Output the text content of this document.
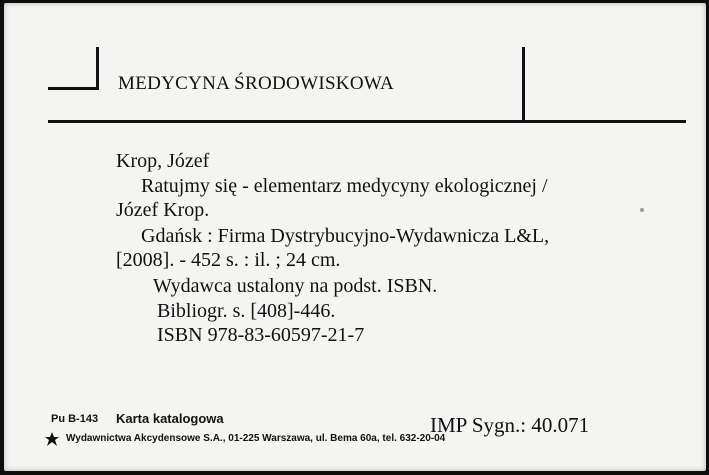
MEDYCYNA ŚRODOWISKOWA
Krop, Józef
Ratujmy się - elementarz medycyny ekologicznej /
Józef Krop.
Gdańsk : Firma Dystrybucyjno-Wydawnicza L&L,
[2008]. - 452 s. : il. ; 24 cm.
Wydawca ustalony na podst. ISBN.
Bibliogr. s. [408]-446.
ISBN 978-83-60597-21-7
Pu B-143 Karta katalogowa
Wydawnictwa Akcydensowe S.A., 01-225 Warszawa, ul. Bema 60a, tel. 632-20-04
IMP Sygn.: 40.071
